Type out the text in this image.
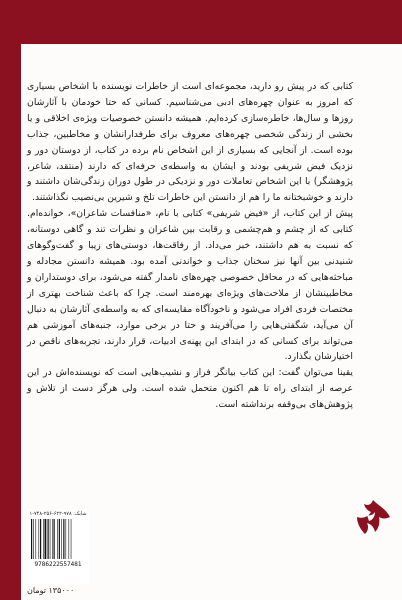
کتابی که در پیش رو دارید، مجموعه‌ای است از خاطرات نویسنده با اشخاص بسیاری که امروز به عنوان چهره‌های ادبی می‌شناسیم. کسانی که حتا خودمان با آثارشان روزها و سال‌ها، خاطره‌سازی کرده‌ایم. همیشه دانستن خصوصیات ویژه‌ی اخلاقی و یا بخشی از زندگی شخصی چهره‌های معروف برای طرفدارانشان و مخاطبین، جذاب بوده است. از آنجایی که بسیاری از این اشخاص نام برده در کتاب، از دوستان دور و نزدیک فیض شریفی بودند و ایشان به واسطه‌ی حرفه‌ای که دارند (منتقد، شاعر، پژوهشگر) با این اشخاص تعاملات دور و نزدیکی در طول دوران زندگی‌شان داشتند و دارند و خوشبختانه ما را هم از دانستن این خاطرات تلخ و شیرین بی‌نصیب نگذاشتند.

پیش از این کتاب، از «فیض شریفی» کتابی با نام، «منافسات شاعران»، خوانده‌ام. کتابی که از چشم و هم‌چشمی و رقابت بین شاعران و نظرات تند و گاهی دوستانه، که نسبت به هم داشتند، خبر می‌داد. از رفاقت‌ها، دوستی‌های زیبا و گفت‌وگوهای شنیدنی بین آنها نیز سخنان جذاب و خواندنی آمده بود. همیشه دانستن مجادله و مباحثه‌هایی که در محافل خصوصی چهره‌های نامدار گفته می‌شود، برای دوستداران و مخاطبینشان از ملاحت‌های ویژه‌ای بهره‌مند است. چرا که باعث شناخت بهتری از مختصات فردی افراد می‌شود و ناخودآگاه مقایسه‌ای که به واسطه‌ی آثارشان به دنبال آن می‌آید، شگفتی‌هایی را می‌آفریند و حتا در برخی موارد، جنبه‌های آموزشی هم می‌تواند برای کسانی که در ابتدای این پهنه‌ی ادبیات، قرار دارند، تجربه‌های ناقص در اختیارشان بگذارد.

یقینا می‌توان گفت: این کتاب بیانگر فراز و نشیب‌هایی است که نویسنده‌اش در این عرصه از ابتدای راه تا هم اکنون متحمل شده است. ولی هرگز دست از تلاش و پژوهش‌های بی‌وقفه برنداشته است.

شابک: ۹۷۸-۶۲۲-۲۵۶-۷۴۸-۱
9786222557481
۱۳۵۰۰۰ تومان
